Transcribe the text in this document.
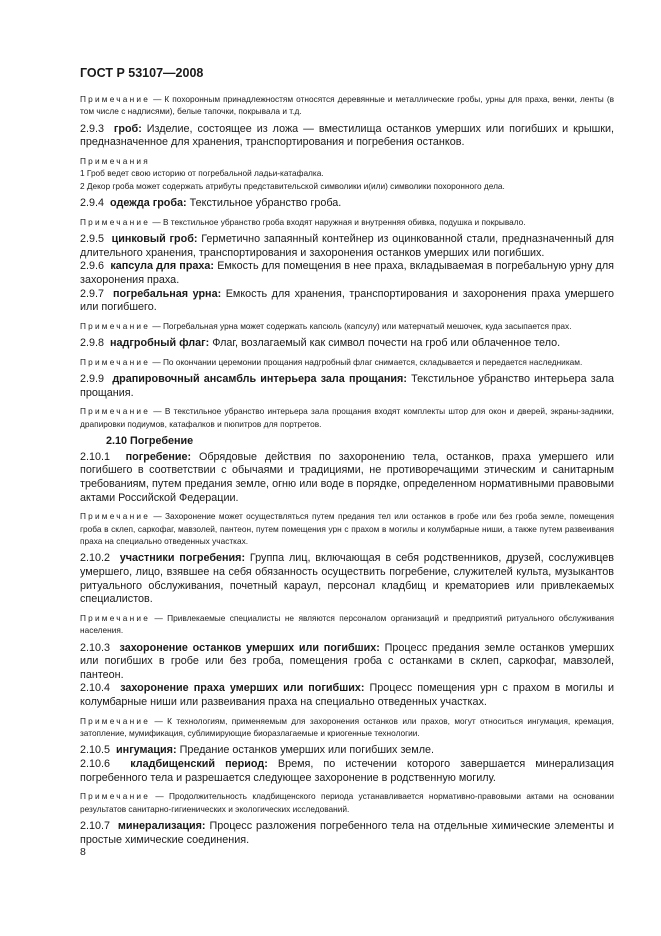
ГОСТ Р 53107—2008

Примечание — К похоронным принадлежностям относятся деревянные и металлические гробы, урны для праха, венки, ленты (в том числе с надписями), белые тапочки, покрывала и т.д.

2.9.3 гроб: Изделие, состоящее из ложа — вместилища останков умерших или погибших и крышки, предназначенное для хранения, транспортирования и погребения останков.

Примечания
1 Гроб ведет свою историю от погребальной ладьи-катафалка.
2 Декор гроба может содержать атрибуты представительской символики и(или) символики похоронного дела.

2.9.4 одежда гроба: Текстильное убранство гроба.

Примечание — В текстильное убранство гроба входят наружная и внутренняя обивка, подушка и покрывало.

2.9.5 цинковый гроб: Герметично запаянный контейнер из оцинкованной стали, предназначенный для длительного хранения, транспортирования и захоронения останков умерших или погибших.

2.9.6 капсула для праха: Емкость для помещения в нее праха, вкладываемая в погребальную урну для захоронения праха.

2.9.7 погребальная урна: Емкость для хранения, транспортирования и захоронения праха умершего или погибшего.

Примечание — Погребальная урна может содержать капсюль (капсулу) или матерчатый мешочек, куда засыпается прах.

2.9.8 надгробный флаг: Флаг, возлагаемый как символ почести на гроб или облаченное тело.

Примечание — По окончании церемонии прощания надгробный флаг снимается, складывается и передается наследникам.

2.9.9 драпировочный ансамбль интерьера зала прощания: Текстильное убранство интерьера зала прощания.

Примечание — В текстильное убранство интерьера зала прощания входят комплекты штор для окон и дверей, экраны-задники, драпировки подиумов, катафалков и пюпитров для портретов.

2.10 Погребение

2.10.1 погребение: Обрядовые действия по захоронению тела, останков, праха умершего или погибшего в соответствии с обычаями и традициями, не противоречащими этическим и санитарным требованиям, путем предания земле, огню или воде в порядке, определенном нормативными правовыми актами Российской Федерации.

Примечание — Захоронение может осуществляться путем предания тел или останков в гробе или без гроба земле, помещения гроба в склеп, саркофаг, мавзолей, пантеон, путем помещения урн с прахом в могилы и колумбарные ниши, а также путем развеивания праха на специально отведенных участках.

2.10.2 участники погребения: Группа лиц, включающая в себя родственников, друзей, сослуживцев умершего, лицо, взявшее на себя обязанность осуществить погребение, служителей культа, музыкантов ритуального обслуживания, почетный караул, персонал кладбищ и крематориев или привлекаемых специалистов.

Примечание — Привлекаемые специалисты не являются персоналом организаций и предприятий ритуального обслуживания населения.

2.10.3 захоронение останков умерших или погибших: Процесс предания земле останков умерших или погибших в гробе или без гроба, помещения гроба с останками в склеп, саркофаг, мавзолей, пантеон.

2.10.4 захоронение праха умерших или погибших: Процесс помещения урн с прахом в могилы и колумбарные ниши или развеивания праха на специально отведенных участках.

Примечание — К технологиям, применяемым для захоронения останков или прахов, могут относиться ингумация, кремация, затопление, мумификация, сублимирующие биоразлагаемые и криогенные технологии.

2.10.5 ингумация: Предание останков умерших или погибших земле.

2.10.6 кладбищенский период: Время, по истечении которого завершается минерализация погребенного тела и разрешается следующее захоронение в родственную могилу.

Примечание — Продолжительность кладбищенского периода устанавливается нормативно-правовыми актами на основании результатов санитарно-гигиенических и экологических исследований.

2.10.7 минерализация: Процесс разложения погребенного тела на отдельные химические элементы и простые химические соединения.

8
